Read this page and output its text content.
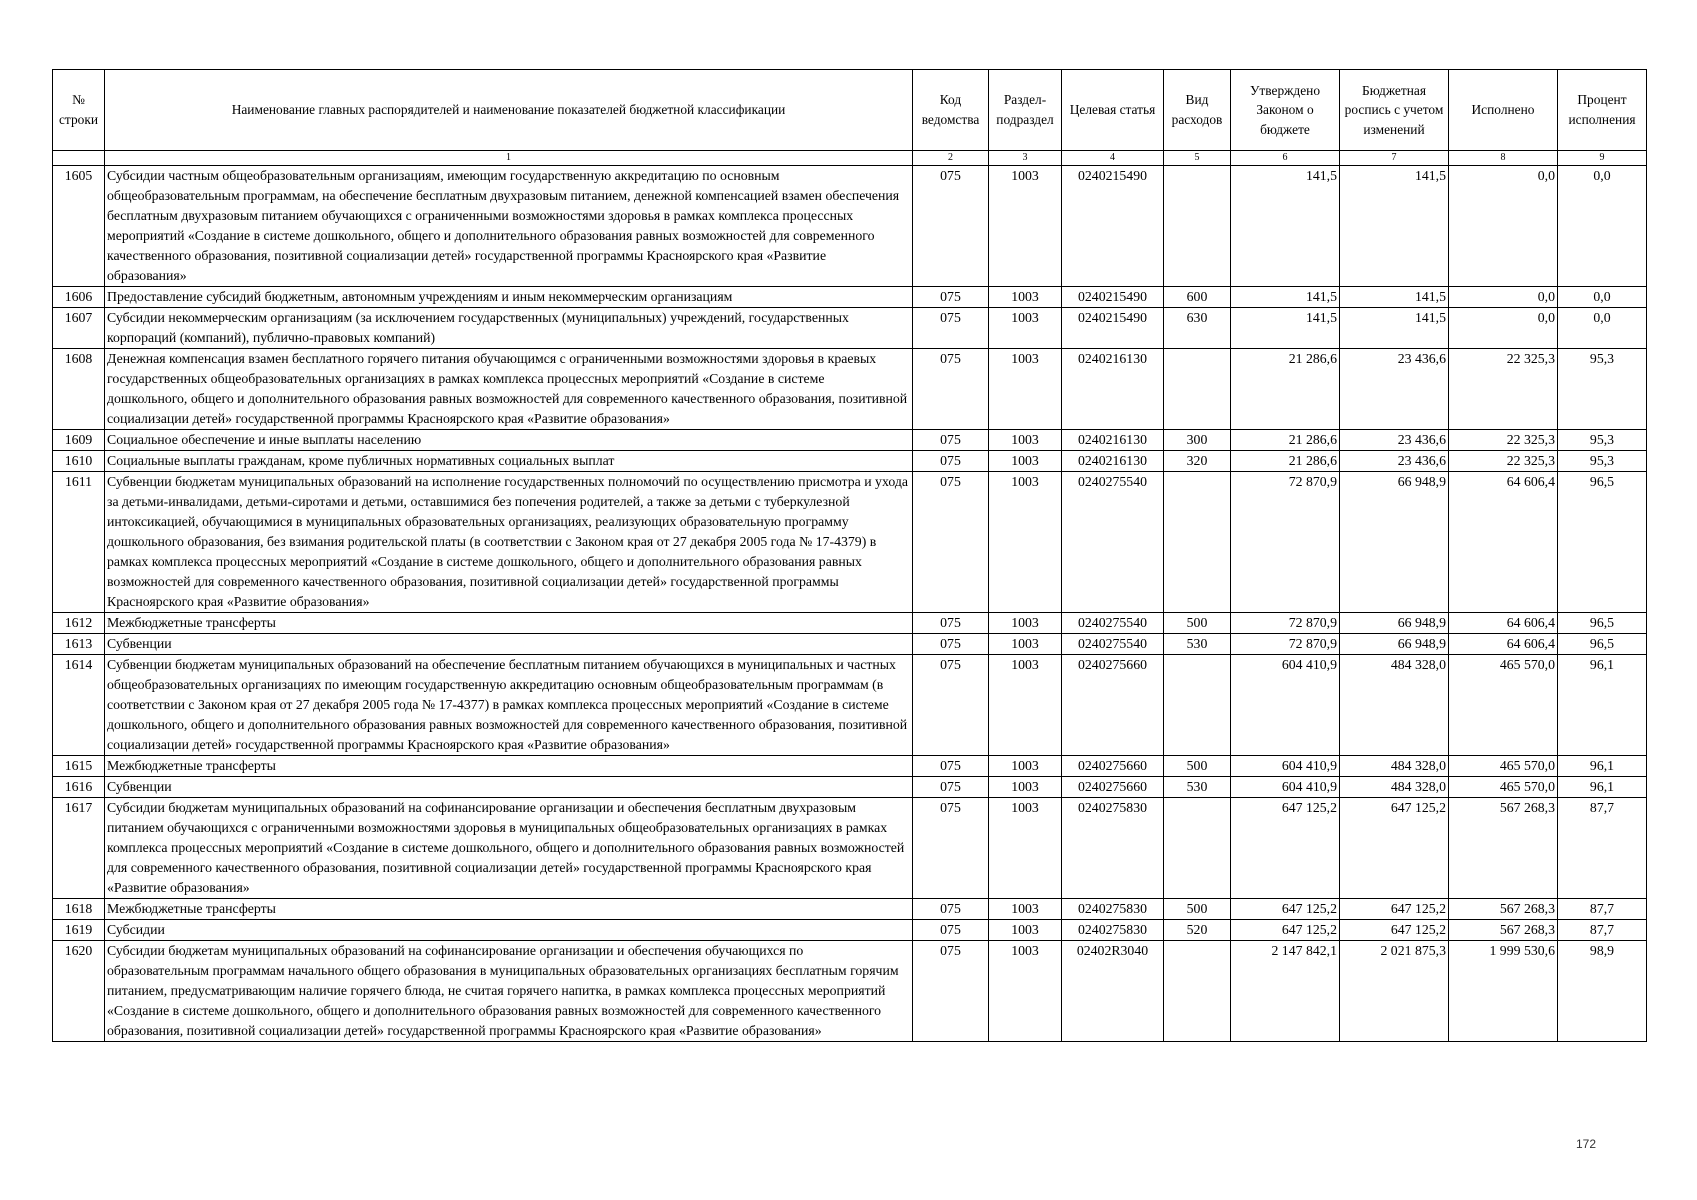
№ строки	Наименование главных распорядителей и наименование показателей бюджетной классификации	Код ведомства	Раздел-подраздел	Целевая статья	Вид расходов	Утверждено Законом о бюджете	Бюджетная роспись с учетом изменений	Исполнено	Процент исполнения
	1	2	3	4	5	6	7	8	9
1605	Субсидии частным общеобразовательным организациям, имеющим государственную аккредитацию по основным общеобразовательным программам, на обеспечение бесплатным двухразовым питанием, денежной компенсацией взамен обеспечения бесплатным двухразовым питанием обучающихся с ограниченными возможностями здоровья в рамках комплекса процессных мероприятий «Создание в системе дошкольного, общего и дополнительного образования равных возможностей для современного качественного образования, позитивной социализации детей» государственной программы Красноярского края «Развитие образования»	075	1003	0240215490		141,5	141,5	0,0	0,0
1606	Предоставление субсидий бюджетным, автономным учреждениям и иным некоммерческим организациям	075	1003	0240215490	600	141,5	141,5	0,0	0,0
1607	Субсидии некоммерческим организациям (за исключением государственных (муниципальных) учреждений, государственных корпораций (компаний), публично-правовых компаний)	075	1003	0240215490	630	141,5	141,5	0,0	0,0
1608	Денежная компенсация взамен бесплатного горячего питания обучающимся с ограниченными возможностями здоровья в краевых государственных общеобразовательных организациях в рамках комплекса процессных мероприятий «Создание в системе дошкольного, общего и дополнительного образования равных возможностей для современного качественного образования, позитивной социализации детей» государственной программы Красноярского края «Развитие образования»	075	1003	0240216130		21 286,6	23 436,6	22 325,3	95,3
1609	Социальное обеспечение и иные выплаты населению	075	1003	0240216130	300	21 286,6	23 436,6	22 325,3	95,3
1610	Социальные выплаты гражданам, кроме публичных нормативных социальных выплат	075	1003	0240216130	320	21 286,6	23 436,6	22 325,3	95,3
1611	Субвенции бюджетам муниципальных образований на исполнение государственных полномочий по осуществлению присмотра и ухода за детьми-инвалидами, детьми-сиротами и детьми, оставшимися без попечения родителей, а также за детьми с туберкулезной интоксикацией, обучающимися в муниципальных образовательных организациях, реализующих образовательную программу дошкольного образования, без взимания родительской платы (в соответствии с Законом края от 27 декабря 2005 года № 17-4379) в рамках комплекса процессных мероприятий «Создание в системе дошкольного, общего и дополнительного образования равных возможностей для современного качественного образования, позитивной социализации детей» государственной программы Красноярского края «Развитие образования»	075	1003	0240275540		72 870,9	66 948,9	64 606,4	96,5
1612	Межбюджетные трансферты	075	1003	0240275540	500	72 870,9	66 948,9	64 606,4	96,5
1613	Субвенции	075	1003	0240275540	530	72 870,9	66 948,9	64 606,4	96,5
1614	Субвенции бюджетам муниципальных образований на обеспечение бесплатным питанием обучающихся в муниципальных и частных общеобразовательных организациях по имеющим государственную аккредитацию основным общеобразовательным программам (в соответствии с Законом края от 27 декабря 2005 года № 17-4377) в рамках комплекса процессных мероприятий «Создание в системе дошкольного, общего и дополнительного образования равных возможностей для современного качественного образования, позитивной социализации детей» государственной программы Красноярского края «Развитие образования»	075	1003	0240275660		604 410,9	484 328,0	465 570,0	96,1
1615	Межбюджетные трансферты	075	1003	0240275660	500	604 410,9	484 328,0	465 570,0	96,1
1616	Субвенции	075	1003	0240275660	530	604 410,9	484 328,0	465 570,0	96,1
1617	Субсидии бюджетам муниципальных образований на софинансирование организации и обеспечения бесплатным двухразовым питанием обучающихся с ограниченными возможностями здоровья в муниципальных общеобразовательных организациях в рамках комплекса процессных мероприятий «Создание в системе дошкольного, общего и дополнительного образования равных возможностей для современного качественного образования, позитивной социализации детей» государственной программы Красноярского края «Развитие образования»	075	1003	0240275830		647 125,2	647 125,2	567 268,3	87,7
1618	Межбюджетные трансферты	075	1003	0240275830	500	647 125,2	647 125,2	567 268,3	87,7
1619	Субсидии	075	1003	0240275830	520	647 125,2	647 125,2	567 268,3	87,7
1620	Субсидии бюджетам муниципальных образований на софинансирование организации и обеспечения обучающихся по образовательным программам начального общего образования в муниципальных образовательных организациях бесплатным горячим питанием, предусматривающим наличие горячего блюда, не считая горячего напитка, в рамках комплекса процессных мероприятий «Создание в системе дошкольного, общего и дополнительного образования равных возможностей для современного качественного образования, позитивной социализации детей» государственной программы Красноярского края «Развитие образования»	075	1003	02402R3040		2 147 842,1	2 021 875,3	1 999 530,6	98,9
172
